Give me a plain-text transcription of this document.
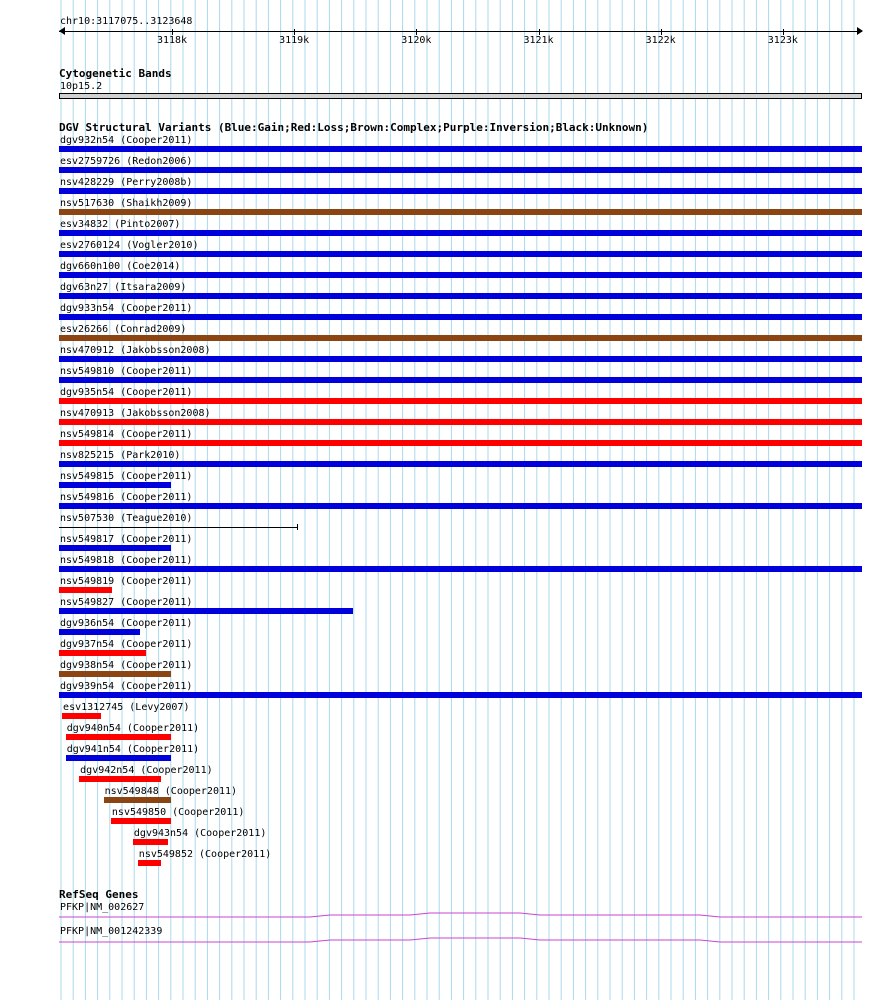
chr10:3117075..3123648
3118k	3119k	3120k	3121k	3122k	3123k
Cytogenetic Bands
10p15.2
DGV Structural Variants (Blue:Gain;Red:Loss;Brown:Complex;Purple:Inversion;Black:Unknown)
dgv932n54 (Cooper2011)
esv2759726 (Redon2006)
nsv428229 (Perry2008b)
nsv517630 (Shaikh2009)
esv34832 (Pinto2007)
esv2760124 (Vogler2010)
dgv660n100 (Coe2014)
dgv63n27 (Itsara2009)
dgv933n54 (Cooper2011)
esv26266 (Conrad2009)
nsv470912 (Jakobsson2008)
nsv549810 (Cooper2011)
dgv935n54 (Cooper2011)
nsv470913 (Jakobsson2008)
nsv549814 (Cooper2011)
nsv825215 (Park2010)
nsv549815 (Cooper2011)
nsv549816 (Cooper2011)
nsv507530 (Teague2010)
nsv549817 (Cooper2011)
nsv549818 (Cooper2011)
nsv549819 (Cooper2011)
nsv549827 (Cooper2011)
dgv936n54 (Cooper2011)
dgv937n54 (Cooper2011)
dgv938n54 (Cooper2011)
dgv939n54 (Cooper2011)
esv1312745 (Levy2007)
dgv940n54 (Cooper2011)
dgv941n54 (Cooper2011)
dgv942n54 (Cooper2011)
nsv549848 (Cooper2011)
nsv549850 (Cooper2011)
dgv943n54 (Cooper2011)
nsv549852 (Cooper2011)
RefSeq Genes
PFKP|NM_002627
PFKP|NM_001242339
